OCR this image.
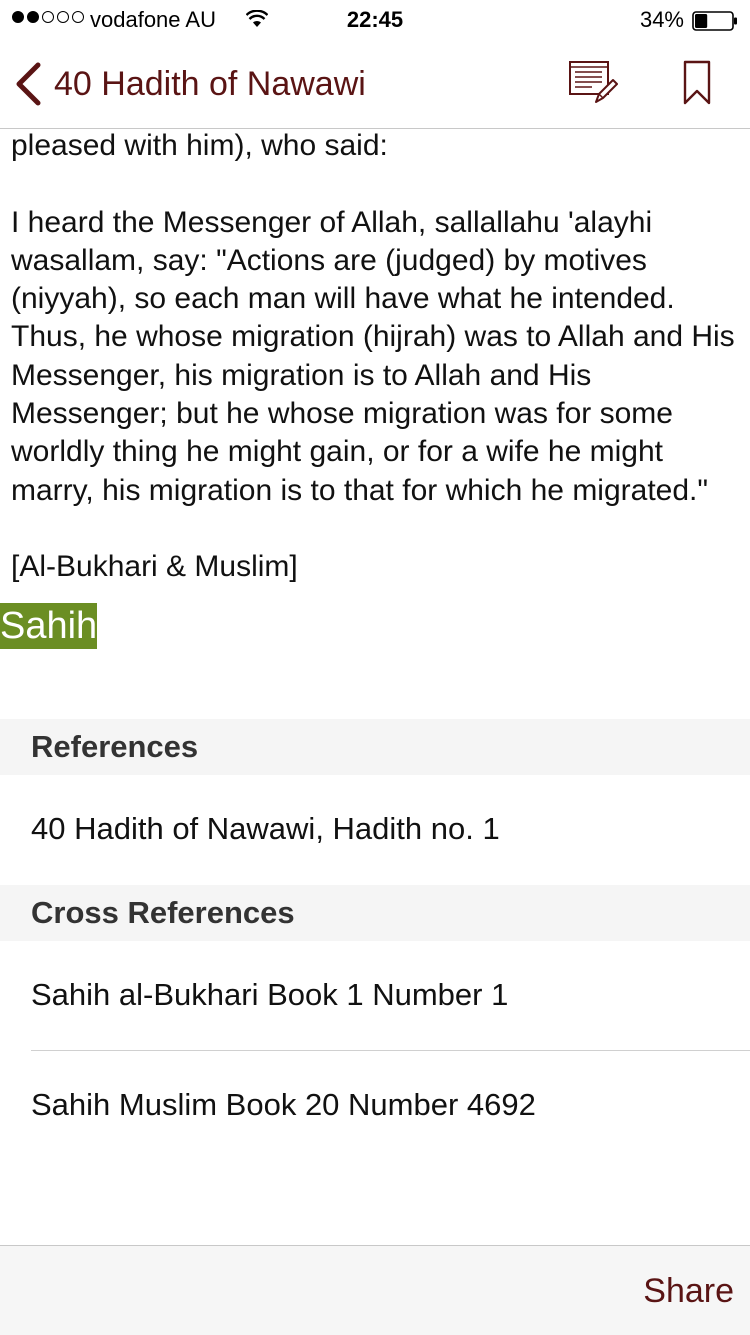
vodafone AU	22:45	34%
40 Hadith of Nawawi

pleased with him), who said:

I heard the Messenger of Allah, sallallahu 'alayhi wasallam, say: "Actions are (judged) by motives (niyyah), so each man will have what he intended. Thus, he whose migration (hijrah) was to Allah and His Messenger, his migration is to Allah and His Messenger; but he whose migration was for some worldly thing he might gain, or for a wife he might marry, his migration is to that for which he migrated."

[Al-Bukhari & Muslim]

Sahih
References
40 Hadith of Nawawi, Hadith no. 1
Cross References
Sahih al-Bukhari Book 1 Number 1
Sahih Muslim Book 20 Number 4692
Share
